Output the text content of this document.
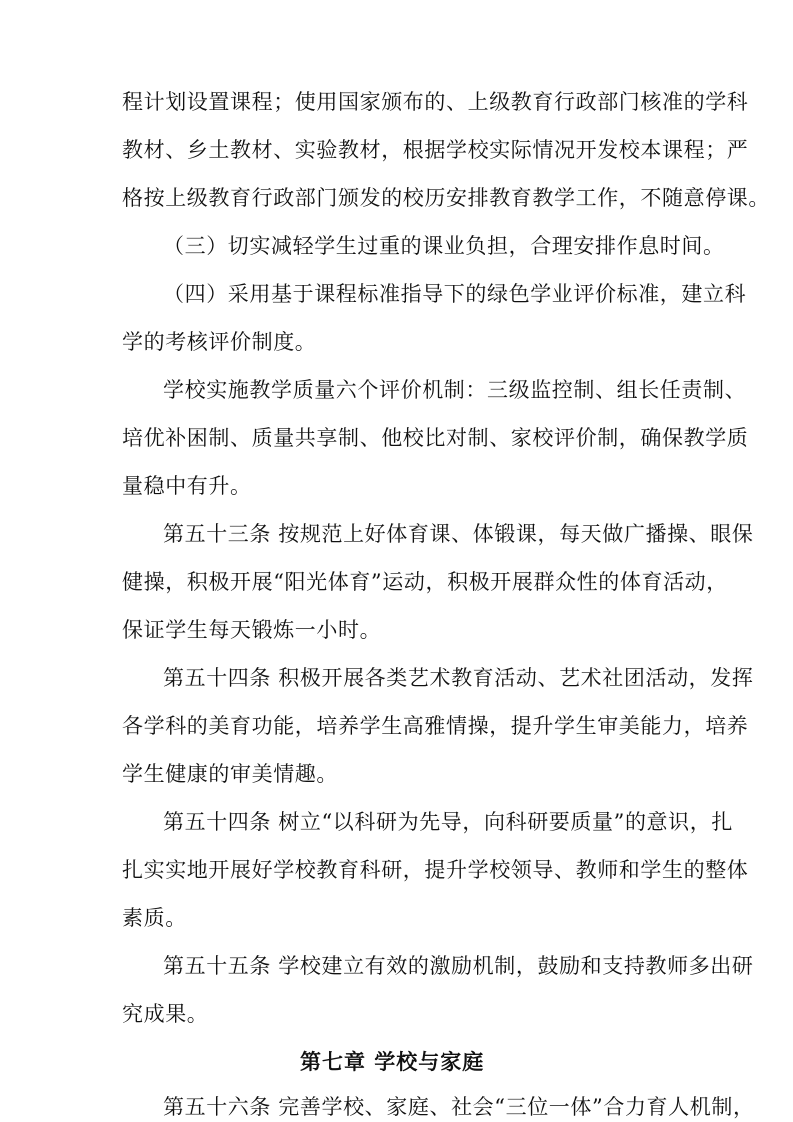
程计划设置课程；使用国家颁布的、上级教育行政部门核准的学科
教材、乡土教材、实验教材，根据学校实际情况开发校本课程；严
格按上级教育行政部门颁发的校历安排教育教学工作，不随意停课。
（三）切实减轻学生过重的课业负担，合理安排作息时间。
（四）采用基于课程标准指导下的绿色学业评价标准，建立科
学的考核评价制度。
学校实施教学质量六个评价机制：三级监控制、组长任责制、
培优补困制、质量共享制、他校比对制、家校评价制，确保教学质
量稳中有升。
第五十三条 按规范上好体育课、体锻课，每天做广播操、眼保
健操，积极开展“阳光体育”运动，积极开展群众性的体育活动，
保证学生每天锻炼一小时。
第五十四条 积极开展各类艺术教育活动、艺术社团活动，发挥
各学科的美育功能，培养学生高雅情操，提升学生审美能力，培养
学生健康的审美情趣。
第五十四条 树立“以科研为先导，向科研要质量”的意识，扎
扎实实地开展好学校教育科研，提升学校领导、教师和学生的整体
素质。
第五十五条 学校建立有效的激励机制，鼓励和支持教师多出研
究成果。
第七章 学校与家庭
第五十六条 完善学校、家庭、社会“三位一体”合力育人机制，
